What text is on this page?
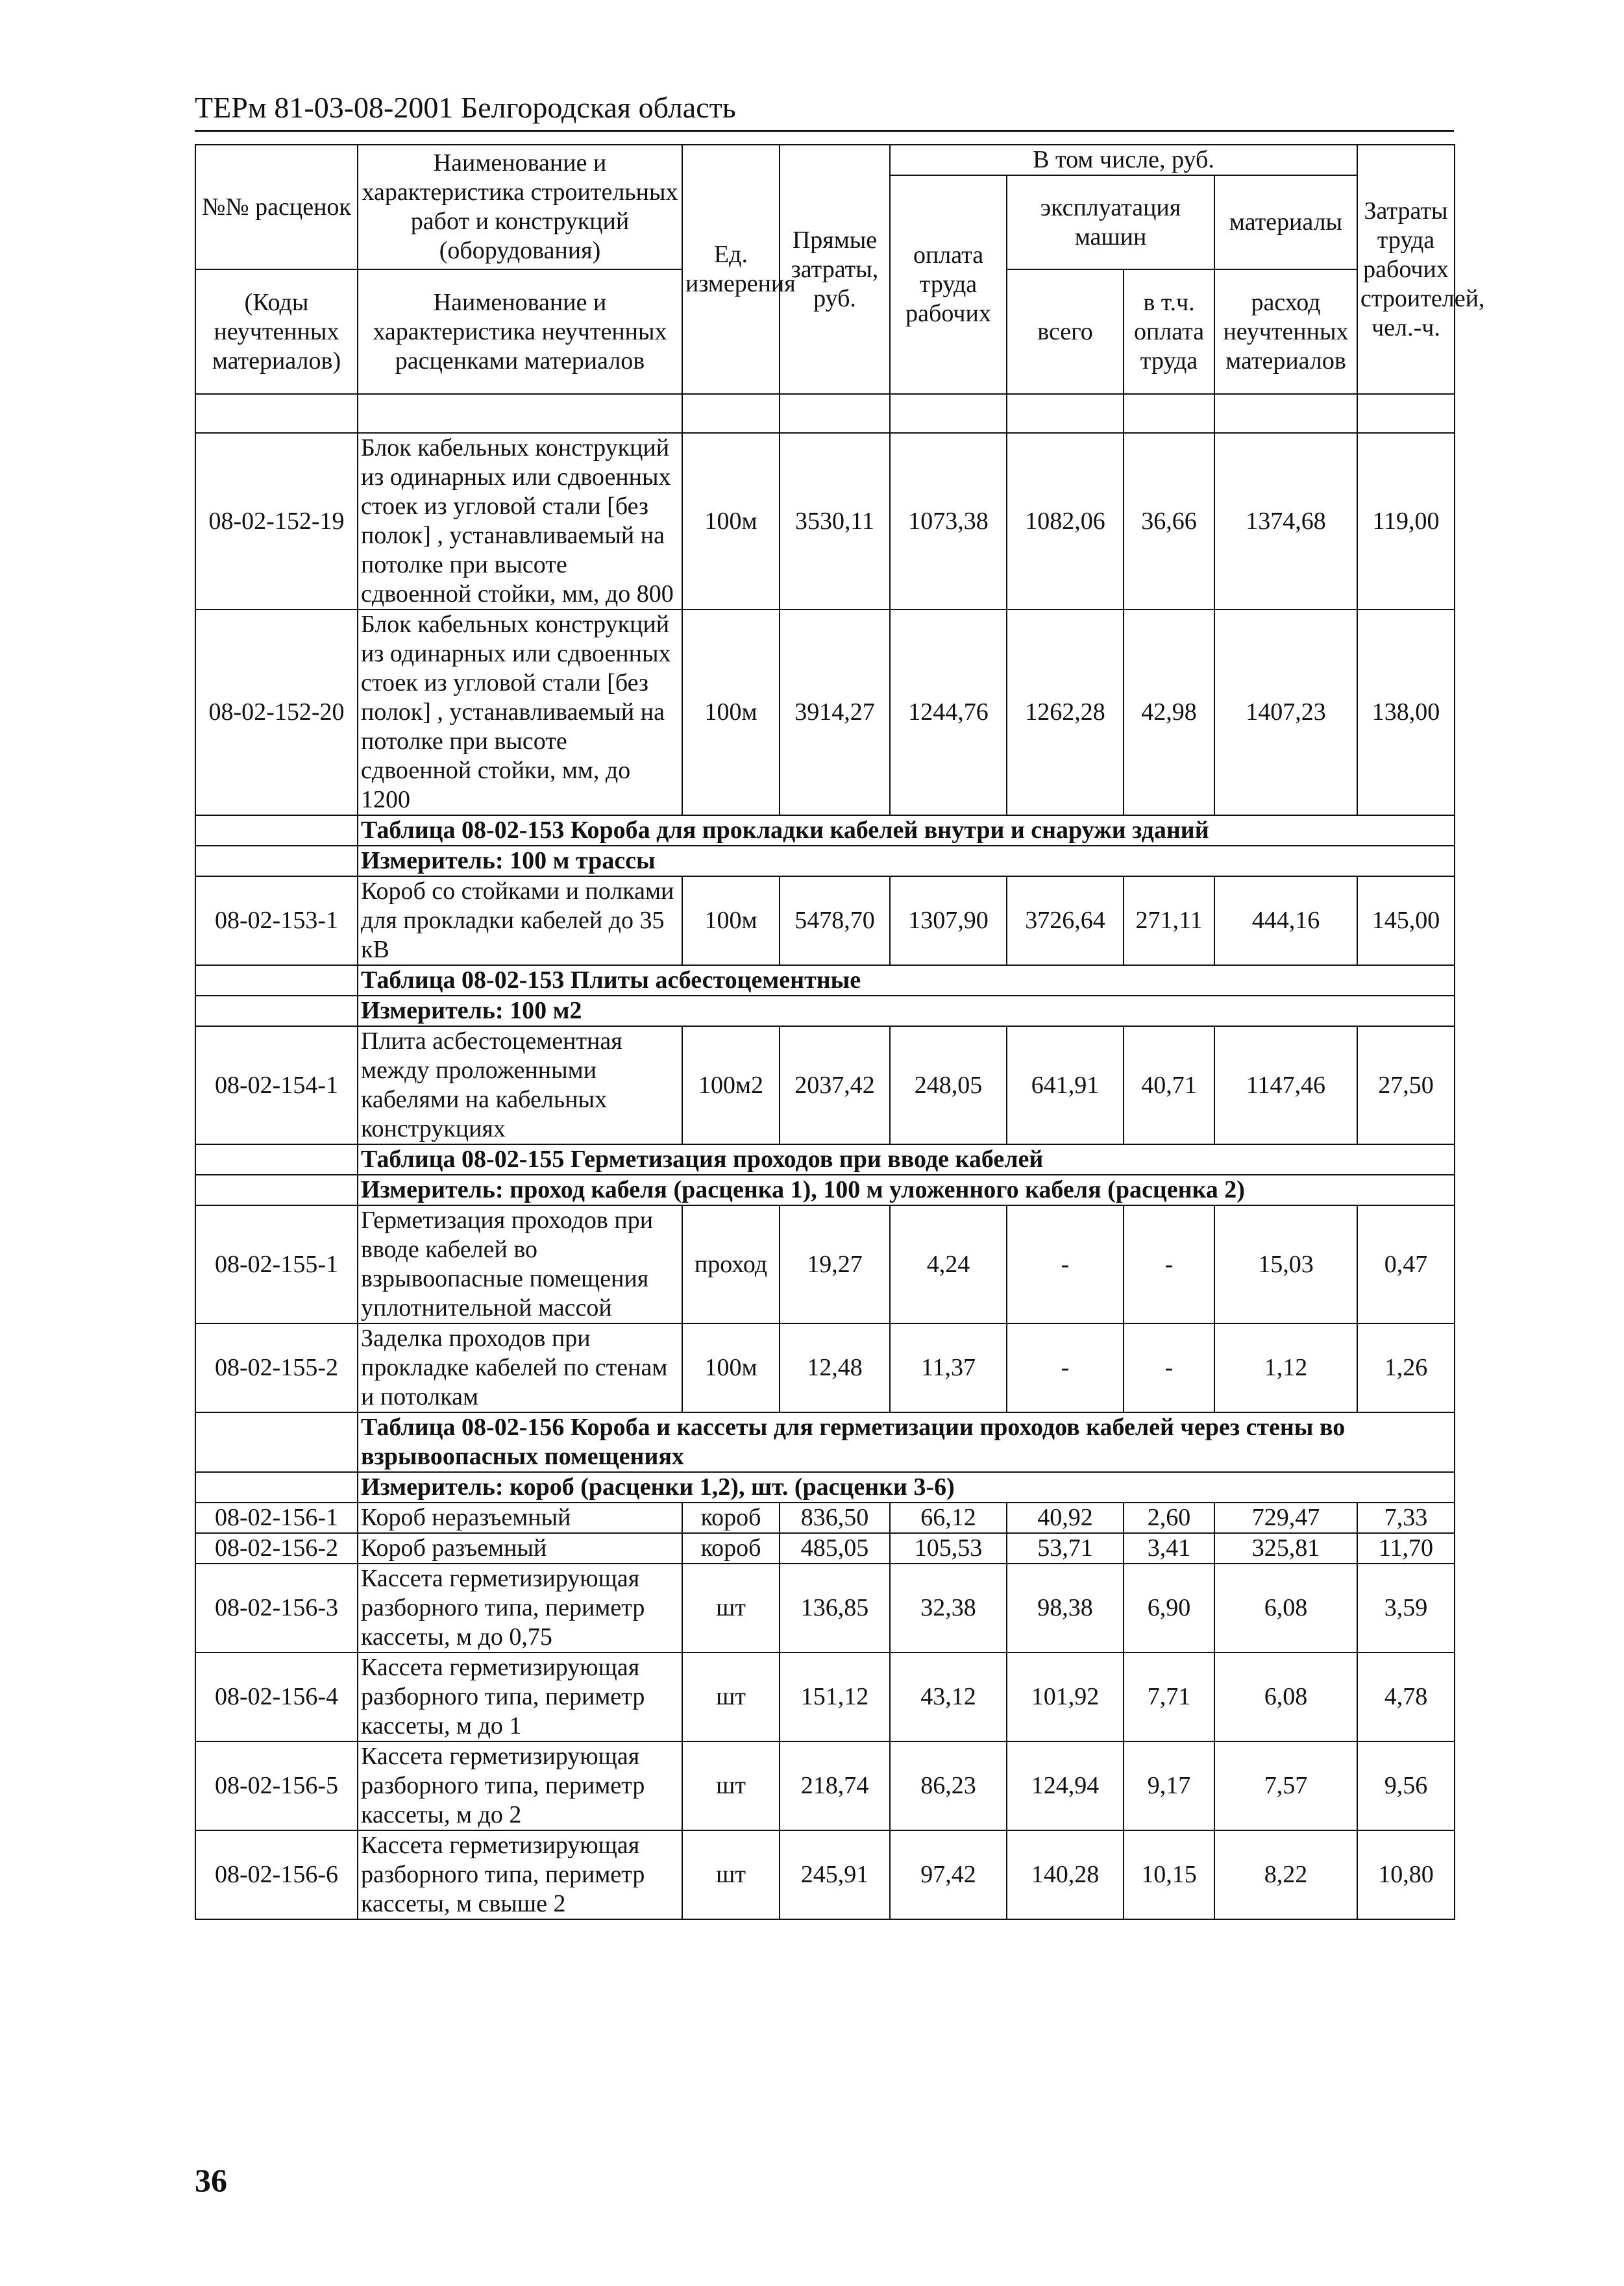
ТЕРм 81-03-08-2001 Белгородская область
№№ расценок	Наименование и характеристика строительных работ и конструкций (оборудования)	Ед. измерения	Прямые затраты, руб.	В том числе, руб.				Затраты труда рабочих строителей, чел.-ч.
				оплата труда рабочих	эксплуатация машин		материалы	
(Коды неучтенных материалов)	Наименование и характеристика неучтенных расценками материалов				всего	в т.ч. оплата труда	расход неучтенных материалов	

08-02-152-19	Блок кабельных конструкций из одинарных или сдвоенных стоек из угловой стали [без полок] , устанавливаемый на потолке при высоте сдвоенной стойки, мм, до 800	100м	3530,11	1073,38	1082,06	36,66	1374,68	119,00
08-02-152-20	Блок кабельных конструкций из одинарных или сдвоенных стоек из угловой стали [без полок] , устанавливаемый на потолке при высоте сдвоенной стойки, мм, до 1200	100м	3914,27	1244,76	1262,28	42,98	1407,23	138,00
	Таблица 08-02-153 Короба для прокладки кабелей внутри и снаружи зданий							
	Измеритель: 100 м трассы							
08-02-153-1	Короб со стойками и полками для прокладки кабелей до 35 кВ	100м	5478,70	1307,90	3726,64	271,11	444,16	145,00
	Таблица 08-02-153 Плиты асбестоцементные							
	Измеритель: 100 м2							
08-02-154-1	Плита асбестоцементная между проложенными кабелями на кабельных конструкциях	100м2	2037,42	248,05	641,91	40,71	1147,46	27,50
	Таблица 08-02-155 Герметизация проходов при вводе кабелей							
	Измеритель: проход кабеля (расценка 1), 100 м уложенного кабеля (расценка 2)							
08-02-155-1	Герметизация проходов при вводе кабелей во взрывоопасные помещения уплотнительной массой	проход	19,27	4,24	-	-	15,03	0,47
08-02-155-2	Заделка проходов при прокладке кабелей по стенам и потолкам	100м	12,48	11,37	-	-	1,12	1,26
	Таблица 08-02-156 Короба и кассеты для герметизации проходов кабелей через стены во взрывоопасных помещениях							
	Измеритель: короб (расценки 1,2), шт. (расценки 3-6)							
08-02-156-1	Короб неразъемный	короб	836,50	66,12	40,92	2,60	729,47	7,33
08-02-156-2	Короб разъемный	короб	485,05	105,53	53,71	3,41	325,81	11,70
08-02-156-3	Кассета герметизирующая разборного типа, периметр кассеты, м до 0,75	шт	136,85	32,38	98,38	6,90	6,08	3,59
08-02-156-4	Кассета герметизирующая разборного типа, периметр кассеты, м до 1	шт	151,12	43,12	101,92	7,71	6,08	4,78
08-02-156-5	Кассета герметизирующая разборного типа, периметр кассеты, м до 2	шт	218,74	86,23	124,94	9,17	7,57	9,56
08-02-156-6	Кассета герметизирующая разборного типа, периметр кассеты, м свыше 2	шт	245,91	97,42	140,28	10,15	8,22	10,80
36
